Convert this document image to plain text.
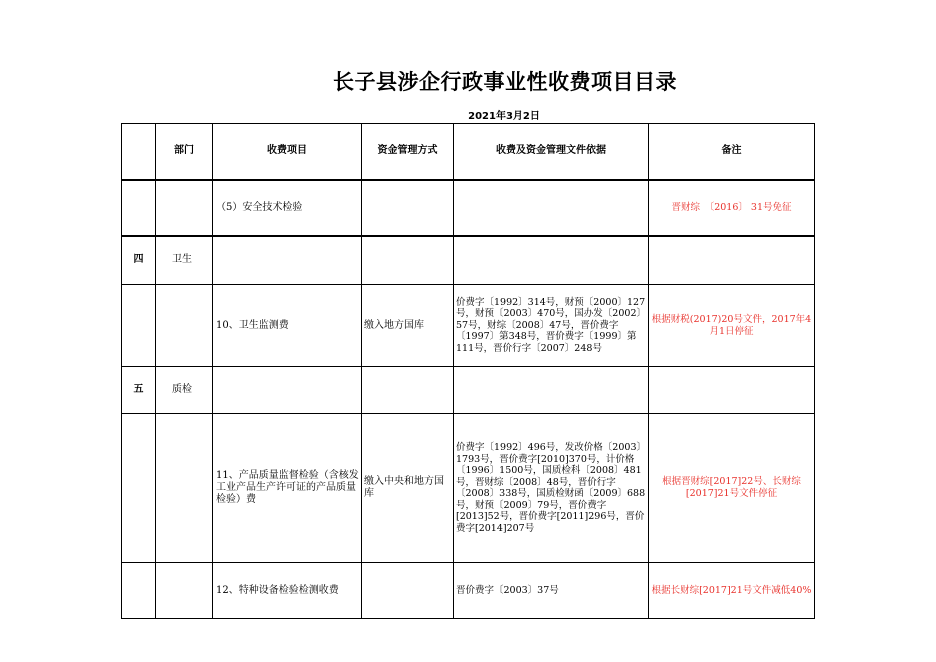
长子县涉企行政事业性收费项目目录
2021年3月2日
	部门	收费项目	资金管理方式	收费及资金管理文件依据	备注
		（5）安全技术检验			晋财综　〔2016〕 31号免征
四	卫生				
		10、卫生监测费	缴入地方国库	价费字〔1992〕314号，财预〔2000〕127号，财预〔2003〕470号，国办发〔2002〕57号，财综〔2008〕47号，晋价费字〔1997〕第348号，晋价费字〔1999〕第111号，晋价行字〔2007〕248号	根据财税(2017)20号文件，2017年4月1日停征
五	质检				
		11、产品质量监督检验（含核发工业产品生产许可证的产品质量检验）费	缴入中央和地方国库	价费字〔1992〕496号，发改价格〔2003〕1793号，晋价费字[2010]370号，计价格〔1996〕1500号，国质检科〔2008〕481号，晋财综〔2008〕48号，晋价行字〔2008〕338号，国质检财函〔2009〕688号，财预〔2009〕79号，晋价费字[2013]52号，晋价费字[2011]296号，晋价费字[2014]207号	根据晋财综[2017]22号、长财综[2017]21号文件停征
		12、特种设备检验检测收费		晋价费字〔2003〕37号	根据长财综[2017]21号文件减低40%
